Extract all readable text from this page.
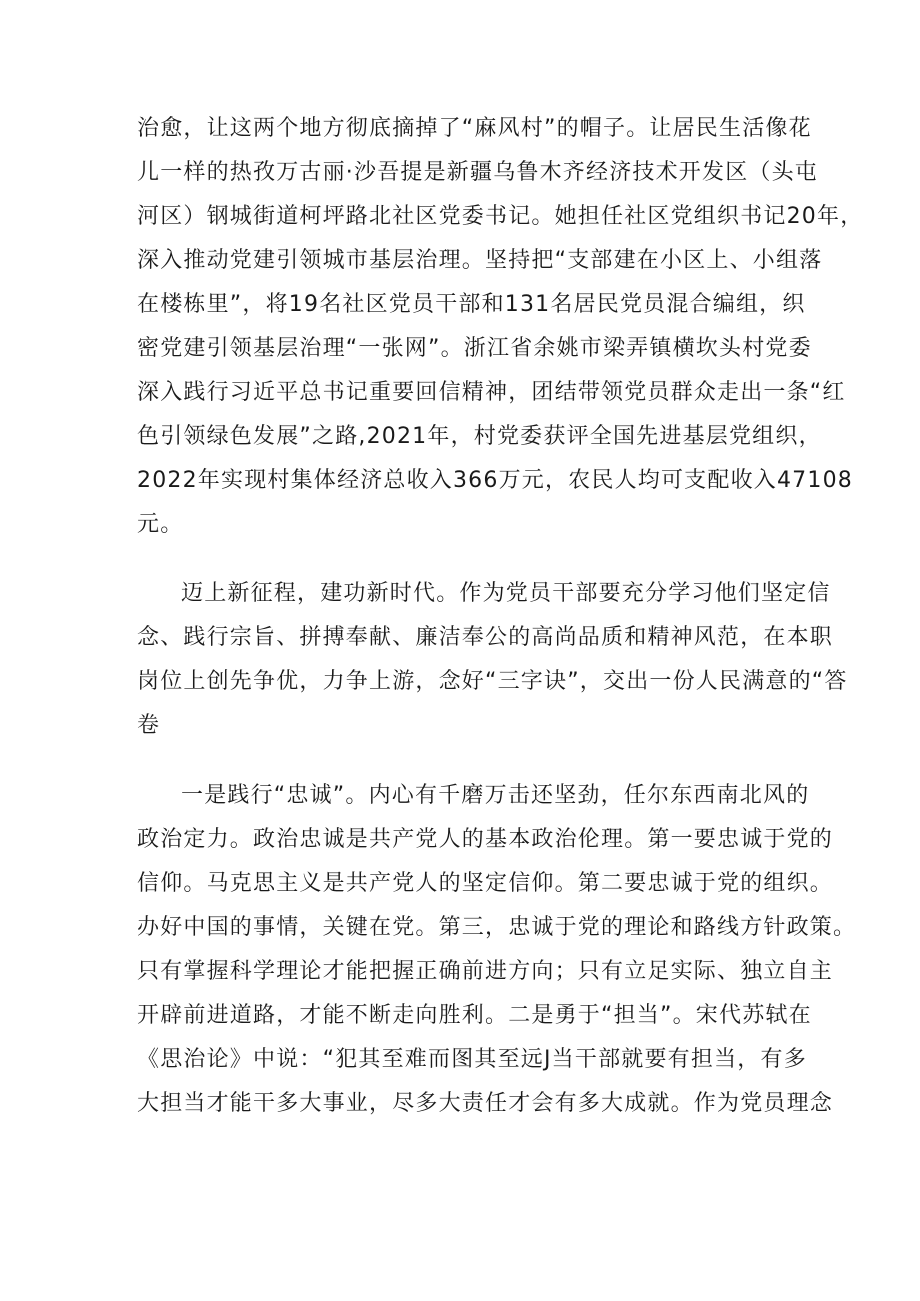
治愈，让这两个地方彻底摘掉了“麻风村”的帽子。让居民生活像花

儿一样的热孜万古丽·沙吾提是新疆乌鲁木齐经济技术开发区（头屯

河区）钢城街道柯坪路北社区党委书记。她担任社区党组织书记20年，

深入推动党建引领城市基层治理。坚持把“支部建在小区上、小组落

在楼栋里”，将19名社区党员干部和131名居民党员混合编组，织

密党建引领基层治理“一张网”。浙江省余姚市梁弄镇横坎头村党委

深入践行习近平总书记重要回信精神，团结带领党员群众走出一条“红

色引领绿色发展”之路,2021年，村党委获评全国先进基层党组织，

2022年实现村集体经济总收入366万元，农民人均可支配收入47108

元。

迈上新征程，建功新时代。作为党员干部要充分学习他们坚定信

念、践行宗旨、拼搏奉献、廉洁奉公的高尚品质和精神风范，在本职

岗位上创先争优，力争上游，念好“三字诀”，交出一份人民满意的“答

卷

一是践行“忠诚”。内心有千磨万击还坚劲，任尔东西南北风的

政治定力。政治忠诚是共产党人的基本政治伦理。第一要忠诚于党的

信仰。马克思主义是共产党人的坚定信仰。第二要忠诚于党的组织。

办好中国的事情，关键在党。第三，忠诚于党的理论和路线方针政策。

只有掌握科学理论才能把握正确前进方向；只有立足实际、独立自主

开辟前进道路，才能不断走向胜利。二是勇于“担当”。宋代苏轼在

《思治论》中说：“犯其至难而图其至远J当干部就要有担当，有多

大担当才能干多大事业，尽多大责任才会有多大成就。作为党员理念
